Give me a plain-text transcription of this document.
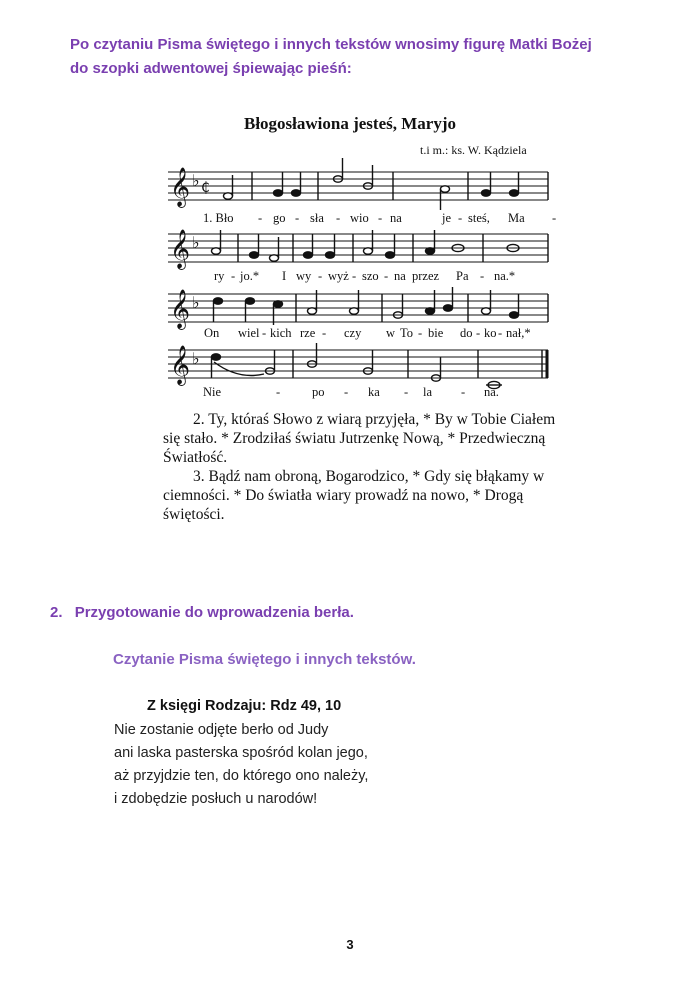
Po czytaniu Pisma świętego i innych tekstów wnosimy figurę Matki Bożej
do szopki adwentowej śpiewając pieśń:
Błogosławiona jesteś, Maryjo
t.i m.: ks. W. Kądziela
𝄞 ♭ ₵
1. Bło - go - sła - wio - na	je - steś, Ma -
𝄞 ♭
ry - jo.* I wy - wyż - szo - na przez Pa - na.*
𝄞 ♭
On wiel - kich rze - czy w To - bie do - ko - nał,*
𝄞 ♭
Nie	-	po - ka - la - na.

2. Ty, któraś Słowo z wiarą przyjęła, * By w Tobie Ciałem się stało. * Zrodziłaś światu Jutrzenkę Nową, * Przedwieczną Światłość.

3. Bądź nam obroną, Bogarodzico, * Gdy się błąkamy w ciemności. * Do światła wiary prowadź na nowo, * Drogą świętości.

2. Przygotowanie do wprowadzenia berła.
Czytanie Pisma świętego i innych tekstów.
Z księgi Rodzaju: Rdz 49, 10
Nie zostanie odjęte berło od Judy
ani laska pasterska spośród kolan jego,
aż przyjdzie ten, do którego ono należy,
i zdobędzie posłuch u narodów!
3
